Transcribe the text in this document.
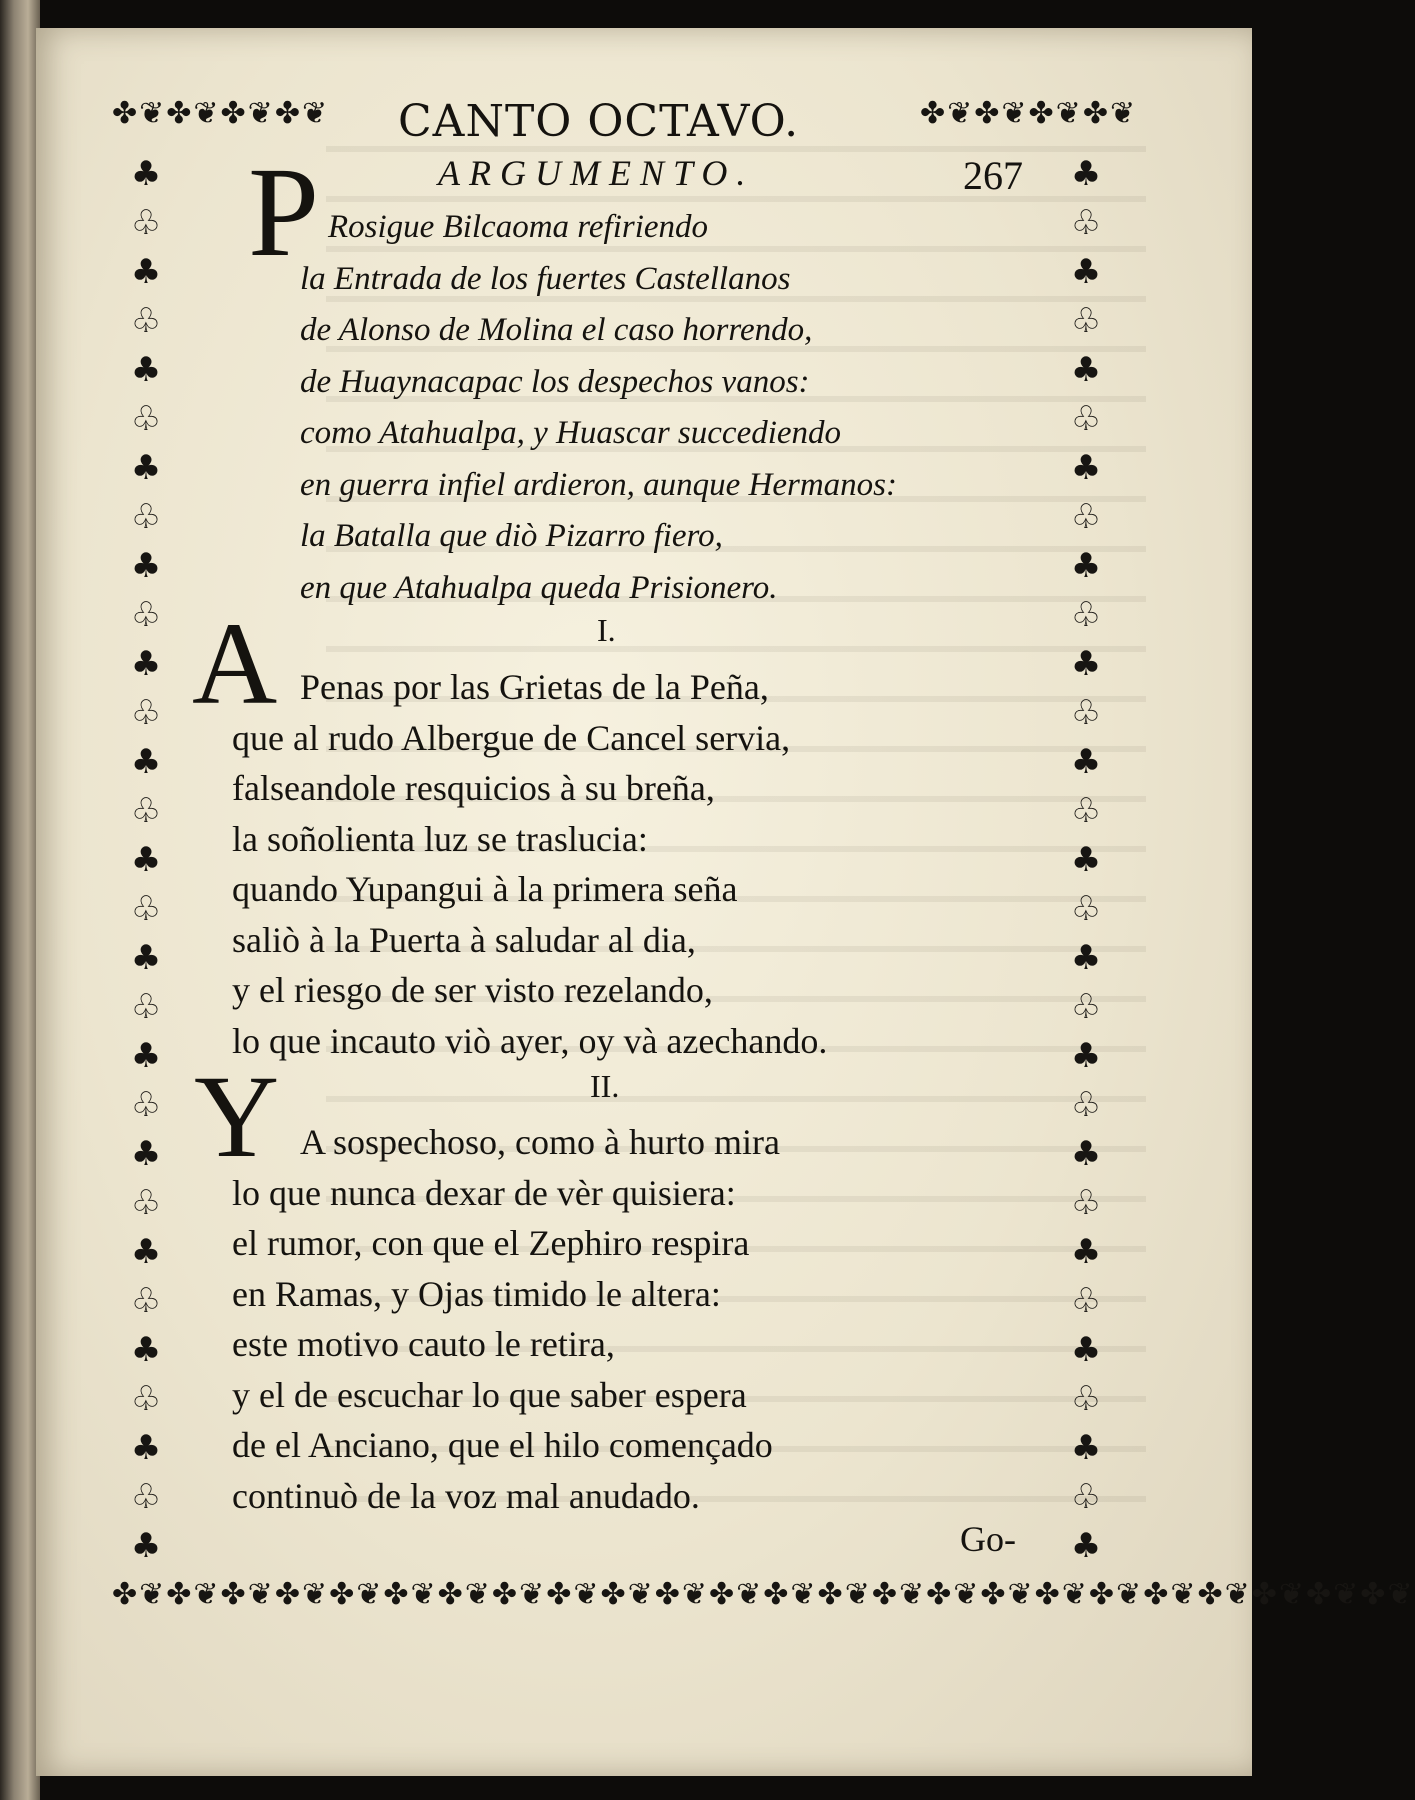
✤❦✤❦✤❦✤❦	✤❦✤❦✤❦✤❦
✤❦✤❦✤❦✤❦✤❦✤❦✤❦✤❦✤❦✤❦✤❦✤❦✤❦✤❦✤❦✤❦✤❦✤❦✤❦✤❦✤❦✤❦✤❦✤❦
♣
♧
♣
♧
♣
♧
♣
♧
♣
♧
♣
♧
♣
♧
♣
♧
♣
♧
♣
♧
♣
♧
♣
♧
♣
♧
♣
♧
♣
♣
♧
♣
♧
♣
♧
♣
♧
♣
♧
♣
♧
♣
♧
♣
♧
♣
♧
♣
♧
♣
♧
♣
♧
♣
♧
♣
♧
♣
CANTO OCTAVO.
267
ARGUMENTO.
P Rosigue Bilcaoma refiriendo
la Entrada de los fuertes Castellanos
de Alonso de Molina el caso horrendo,
de Huaynacapac los despechos vanos:
como Atahualpa, y Huascar succediendo
en guerra infiel ardieron, aunque Hermanos:
la Batalla que diò Pizarro fiero,
en que Atahualpa queda Prisionero.
I.
A Penas por las Grietas de la Peña,
que al rudo Albergue de Cancel servia,
falseandole resquicios à su breña,
la soñolienta luz se traslucia:
quando Yupangui à la primera seña
saliò à la Puerta à saludar al dia,
y el riesgo de ser visto rezelando,
lo que incauto viò ayer, oy và azechando.
II.
Y A sospechoso, como à hurto mira
lo que nunca dexar de vèr quisiera:
el rumor, con que el Zephiro respira
en Ramas, y Ojas timido le altera:
este motivo cauto le retira,
y el de escuchar lo que saber espera
de el Anciano, que el hilo començado
continuò de la voz mal anudado.
Go-
